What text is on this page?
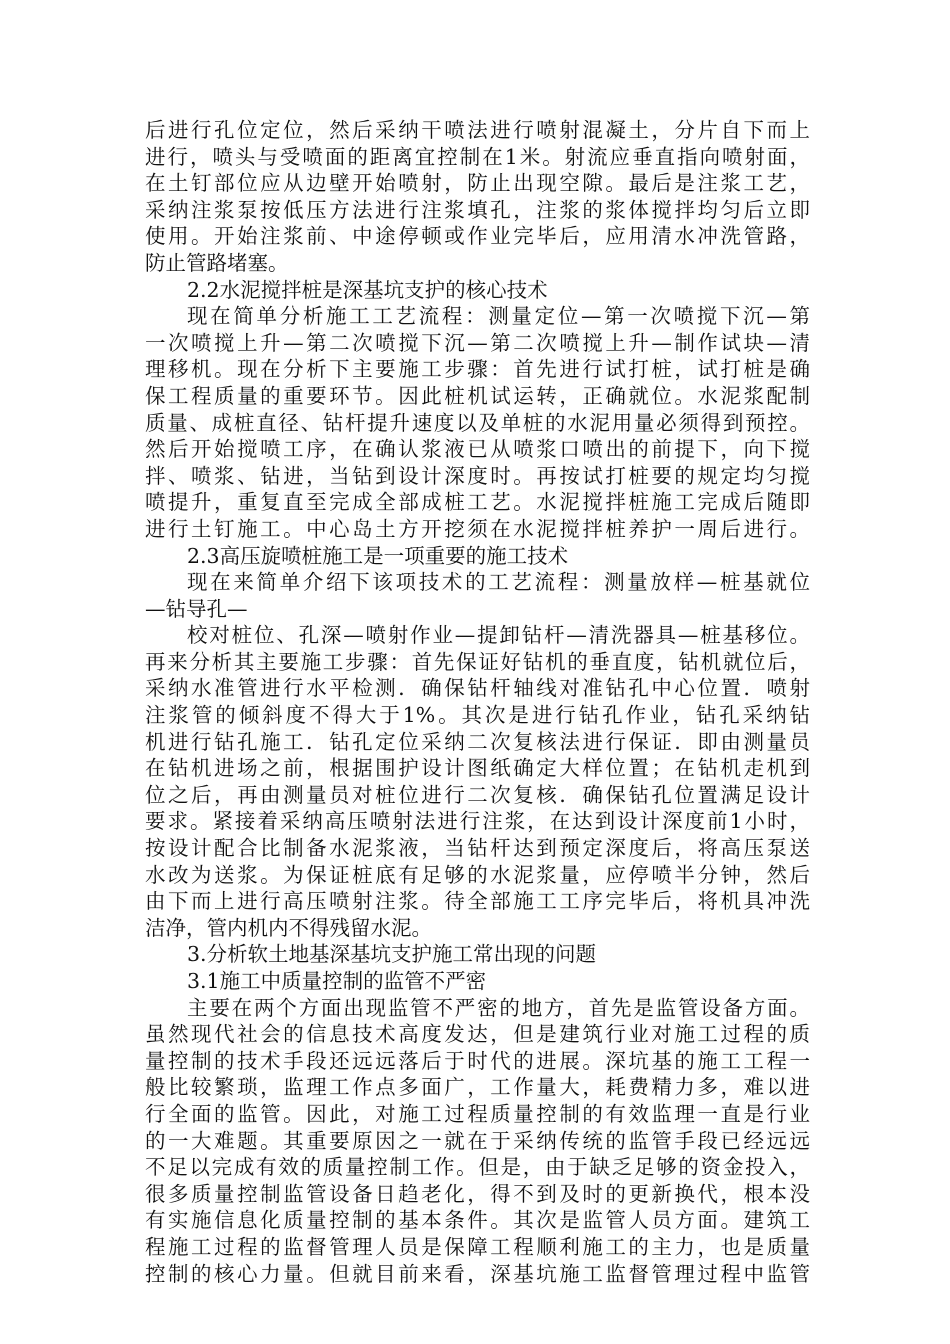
后进行孔位定位，然后采纳干喷法进行喷射混凝土，分片自下而上
进行，喷头与受喷面的距离宜控制在1米。射流应垂直指向喷射面，
在土钉部位应从边壁开始喷射，防止出现空隙。最后是注浆工艺，
采纳注浆泵按低压方法进行注浆填孔，注浆的浆体搅拌均匀后立即
使用。开始注浆前、中途停顿或作业完毕后，应用清水冲洗管路，
防止管路堵塞。
2.2水泥搅拌桩是深基坑支护的核心技术
现在简单分析施工工艺流程：测量定位—第一次喷搅下沉—第
一次喷搅上升—第二次喷搅下沉—第二次喷搅上升—制作试块—清
理移机。现在分析下主要施工步骤：首先进行试打桩，试打桩是确
保工程质量的重要环节。因此桩机试运转，正确就位。水泥浆配制
质量、成桩直径、钻杆提升速度以及单桩的水泥用量必须得到预控。
然后开始搅喷工序，在确认浆液已从喷浆口喷出的前提下，向下搅
拌、喷浆、钻进，当钻到设计深度时。再按试打桩要的规定均匀搅
喷提升，重复直至完成全部成桩工艺。水泥搅拌桩施工完成后随即
进行土钉施工。中心岛土方开挖须在水泥搅拌桩养护一周后进行。
2.3高压旋喷桩施工是一项重要的施工技术
现在来简单介绍下该项技术的工艺流程：测量放样—桩基就位
—钻导孔—
校对桩位、孔深—喷射作业—提卸钻杆—清洗器具—桩基移位。
再来分析其主要施工步骤：首先保证好钻机的垂直度，钻机就位后，
采纳水准管进行水平检测．确保钻杆轴线对准钻孔中心位置．喷射
注浆管的倾斜度不得大于1%。其次是进行钻孔作业，钻孔采纳钻
机进行钻孔施工．钻孔定位采纳二次复核法进行保证．即由测量员
在钻机进场之前，根据围护设计图纸确定大样位置；在钻机走机到
位之后，再由测量员对桩位进行二次复核．确保钻孔位置满足设计
要求。紧接着采纳高压喷射法进行注浆，在达到设计深度前1小时，
按设计配合比制备水泥浆液，当钻杆达到预定深度后，将高压泵送
水改为送浆。为保证桩底有足够的水泥浆量，应停喷半分钟，然后
由下而上进行高压喷射注浆。待全部施工工序完毕后，将机具冲洗
洁净，管内机内不得残留水泥。
3.分析软土地基深基坑支护施工常出现的问题
3.1施工中质量控制的监管不严密
主要在两个方面出现监管不严密的地方，首先是监管设备方面。
虽然现代社会的信息技术高度发达，但是建筑行业对施工过程的质
量控制的技术手段还远远落后于时代的进展。深坑基的施工工程一
般比较繁琐，监理工作点多面广，工作量大，耗费精力多，难以进
行全面的监管。因此，对施工过程质量控制的有效监理一直是行业
的一大难题。其重要原因之一就在于采纳传统的监管手段已经远远
不足以完成有效的质量控制工作。但是，由于缺乏足够的资金投入，
很多质量控制监管设备日趋老化，得不到及时的更新换代，根本没
有实施信息化质量控制的基本条件。其次是监管人员方面。建筑工
程施工过程的监督管理人员是保障工程顺利施工的主力，也是质量
控制的核心力量。但就目前来看，深基坑施工监督管理过程中监管
